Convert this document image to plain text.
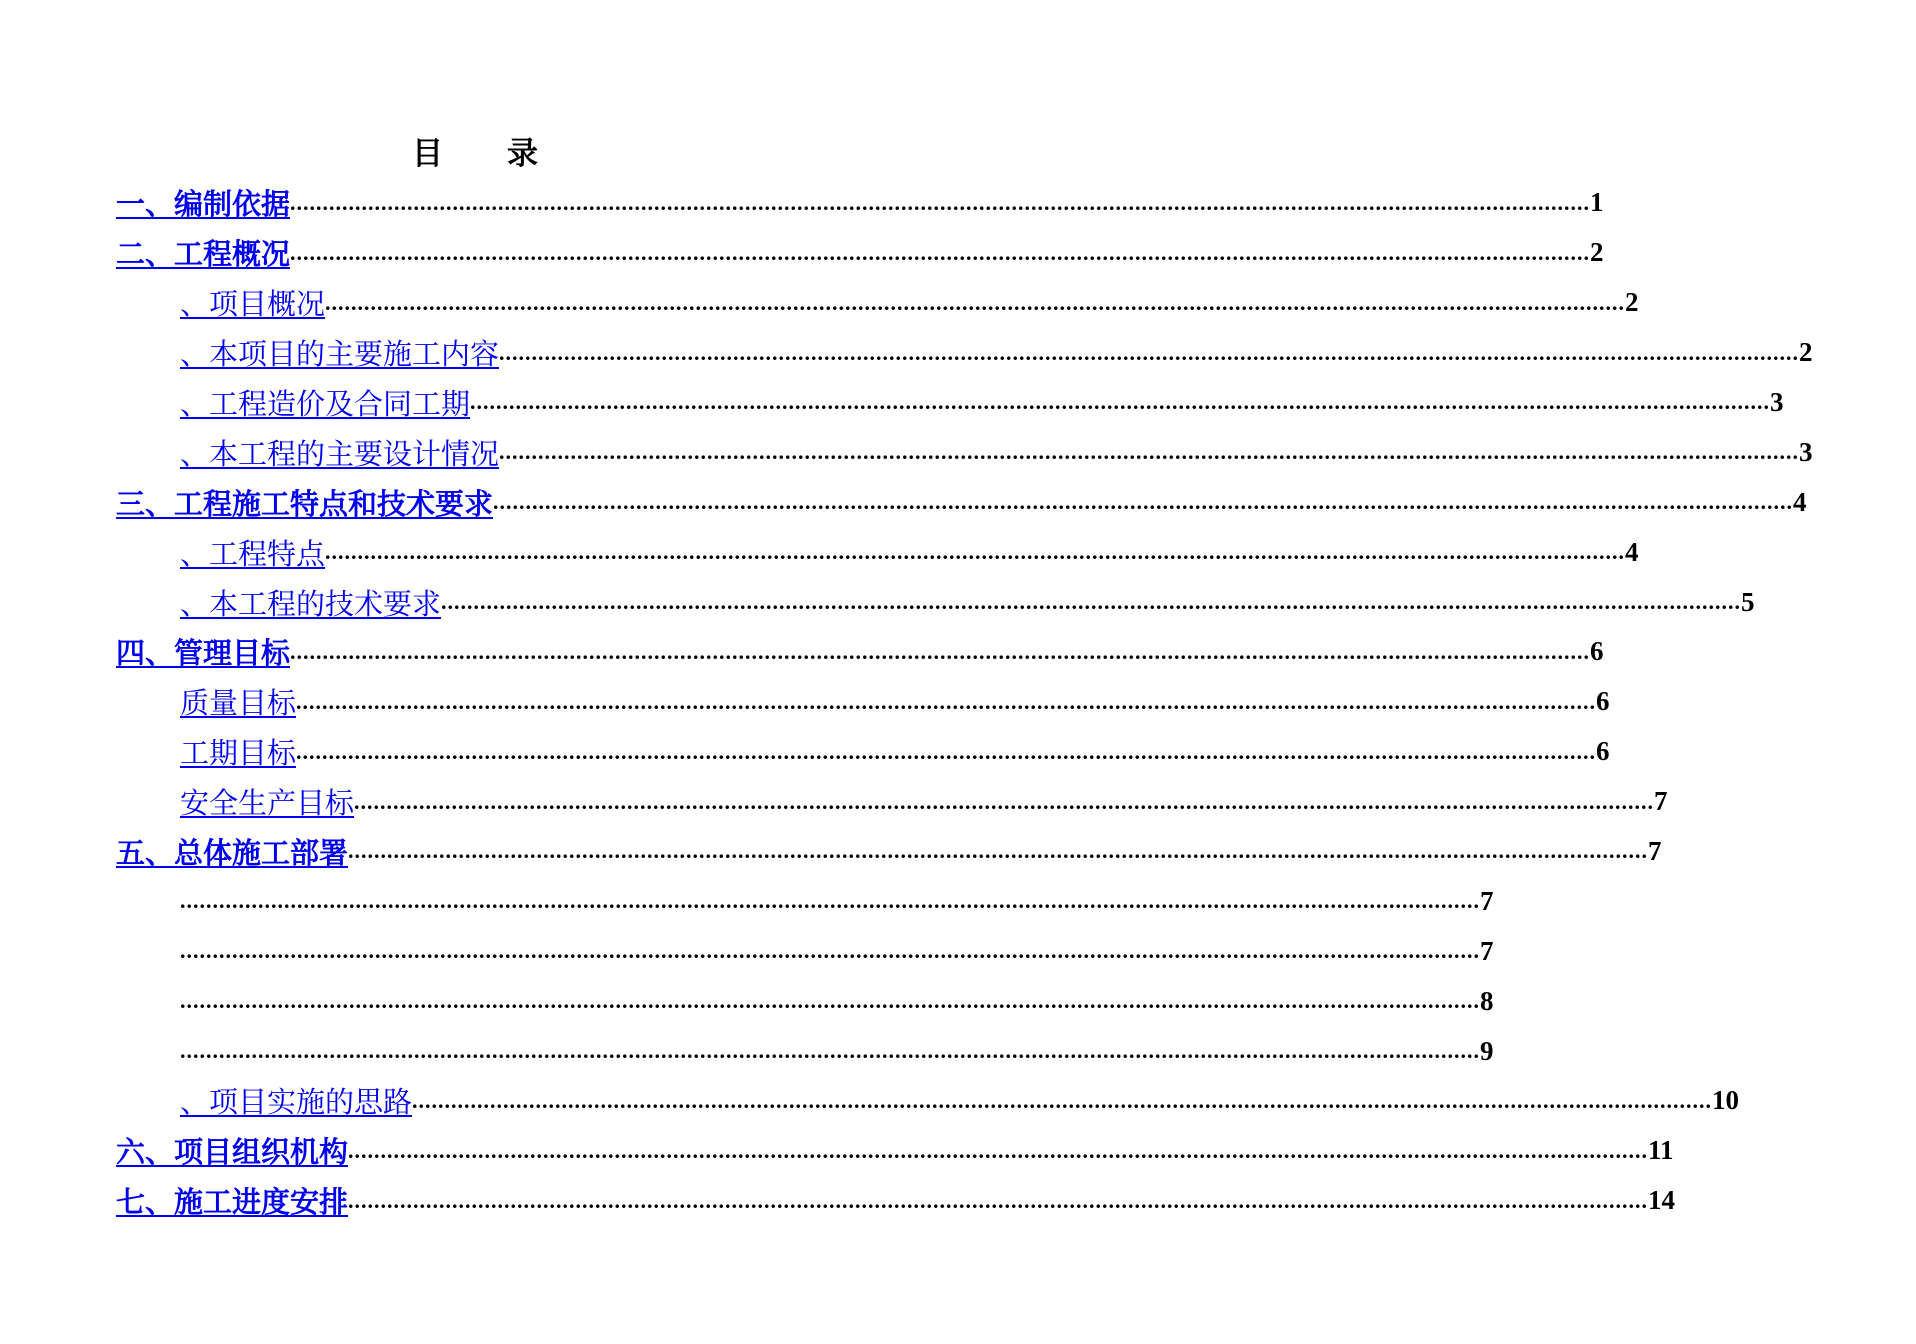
目 录
一、编制依据 ........................................................................................................................................................................................................ 1
二、工程概况 ........................................................................................................................................................................................................ 2
、项目概况 ........................................................................................................................................................................................................ 2
、本项目的主要施工内容 ........................................................................................................................................................................................................ 2
、工程造价及合同工期 ........................................................................................................................................................................................................ 3
、本工程的主要设计情况 ........................................................................................................................................................................................................ 3
三、工程施工特点和技术要求 ........................................................................................................................................................................................................ 4
、工程特点 ........................................................................................................................................................................................................ 4
、本工程的技术要求 ........................................................................................................................................................................................................ 5
四、管理目标 ........................................................................................................................................................................................................ 6
质量目标 ........................................................................................................................................................................................................ 6
工期目标 ........................................................................................................................................................................................................ 6
安全生产目标 ........................................................................................................................................................................................................ 7
五、总体施工部署 ........................................................................................................................................................................................................ 7
........................................................................................................................................................................................................ 7
........................................................................................................................................................................................................ 7
........................................................................................................................................................................................................ 8
........................................................................................................................................................................................................ 9
、项目实施的思路 ........................................................................................................................................................................................................ 10
六、项目组织机构 ........................................................................................................................................................................................................ 11
七、施工进度安排 ........................................................................................................................................................................................................ 14
